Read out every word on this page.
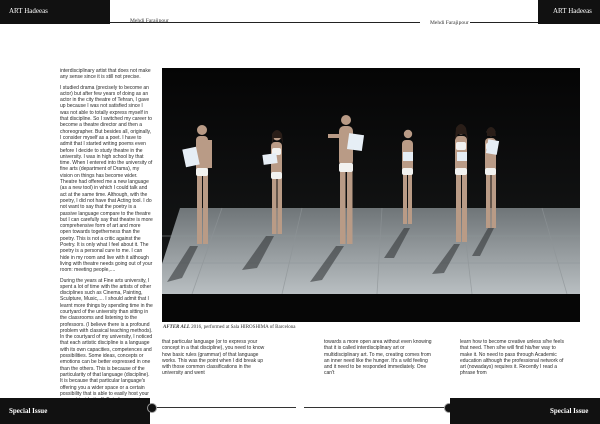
ART Hadeeas
Mehdi Farajipour	Mehdi Farajipour
ART Hadeeas

interdisciplinary artist that does not make any sense since it is still not precise.

I studied drama (precisely to become an actor) but after few years of doing as an actor in the city theatre of Tehran, I gave up because I was not satisfied since I was not able to totally express myself in that discipline. So I switched my career to become a theatre director and then a choreographer. But besides all, originally, I consider myself as a poet. I have to admit that I started writing poems even before I decide to study theatre in the university. I was in high school by that time. When I entered into the university of fine arts (department of Drama), my vision on things has become wider. Theatre had offered me a new language (as a new tool) in which I could talk and act at the same time. Although, with the poetry, I did not have that Acting tool. I do not want to say that the poetry is a passive language compare to the theatre but I can carefully say that theatre is more comprehensive form of art and more open towards togetherness than the poetry. This is not a critic against the Poetry. It is only what I feel about it. The poetry is a personal cure to me. I can hide in my room and live with it although living with theatre needs going out of your room: meeting people,....

During the years at Fine arts university, I spent a lot of time with the artists of other disciplines such as Cinema, Painting, Sculpture, Music,.... I should admit that I learnt more things by spending time in the courtyard of the university than sitting in the classrooms and listening to the professors. (I believe there is a profound problem with classical teaching methods). In the courtyard of my university, I noticed that each artistic discipline is a language with its own capacities, competences and possibilities. Some ideas, concepts or emotions can be better expressed in one than the others. This is because of the particularity of that language (discipline). It is because that particular language's offering you a wider space or a certain possibility that is able to easily host your

AFTER ALL 2016, performed at Sala HIROSHIMA of Barcelona

that particular language (or to express your concept in a that discipline), you need to know how basic rules (grammar) of that language works. This was the point when I did break up with those common classifications in the university and went

towards a more open area without even knowing that it is called interdisciplinary art or multidisciplinary art. To me, creating comes from an inner need like the hunger. It's a wild feeling and it need to be responded immediately. One can't

learn how to become creative unless s/he feels that need. Then s/he will find his/her way to make it. No need to pass through Academic education although the professional network of art (nowadays) requires it. Recently I read a phrase from

Special Issue	Special Issue
